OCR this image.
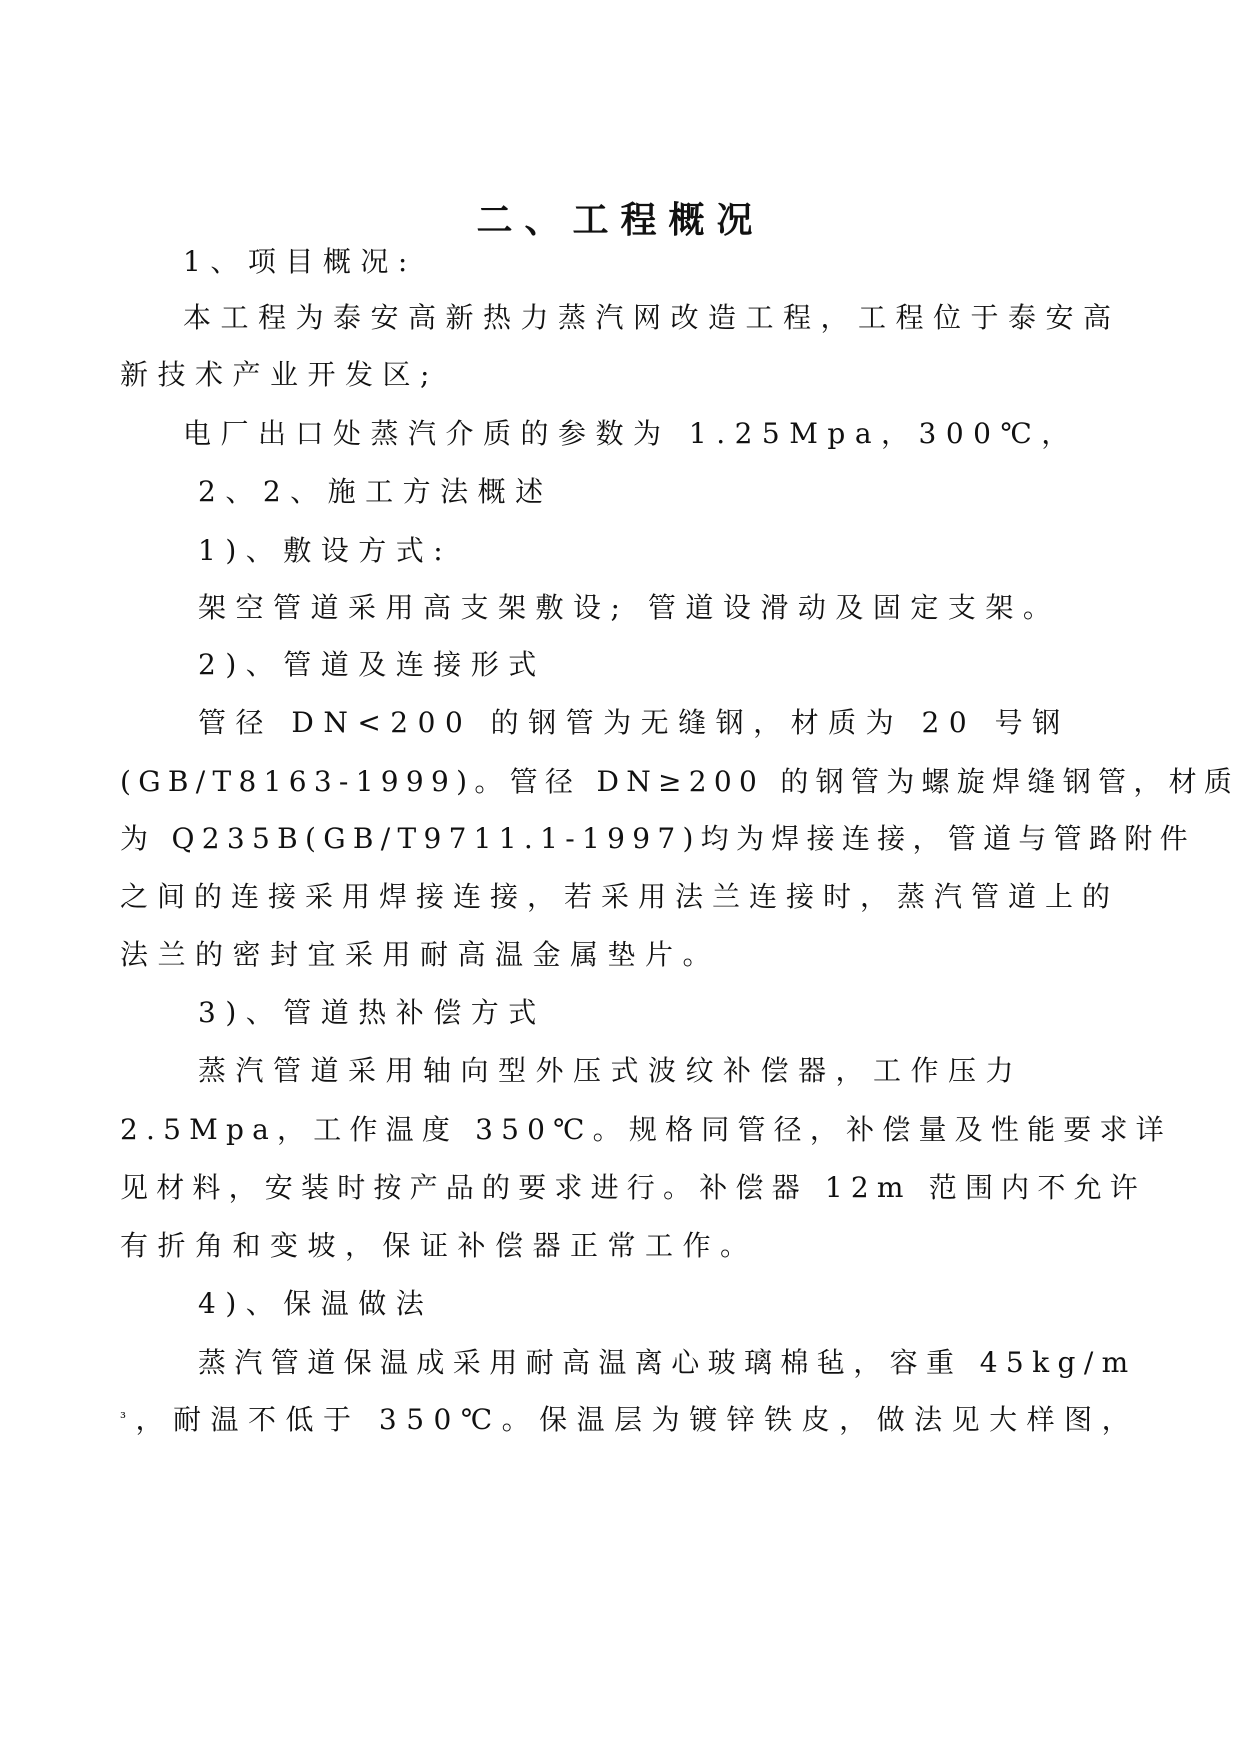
二、工程概况
1、项目概况:
本工程为泰安高新热力蒸汽网改造工程，工程位于泰安高
新技术产业开发区;
电厂出口处蒸汽介质的参数为 1.25Mpa，300℃，
2、2、施工方法概述
1)、敷设方式:
架空管道采用高支架敷设; 管道设滑动及固定支架。
2)、管道及连接形式
管径 DN<200 的钢管为无缝钢，材质为 20 号钢
(GB/T8163-1999)。管径 DN≥200 的钢管为螺旋焊缝钢管，材质
为 Q235B(GB/T9711.1-1997)均为焊接连接，管道与管路附件
之间的连接采用焊接连接，若采用法兰连接时，蒸汽管道上的
法兰的密封宜采用耐高温金属垫片。
3)、管道热补偿方式
蒸汽管道采用轴向型外压式波纹补偿器，工作压力
2.5Mpa，工作温度 350℃。规格同管径，补偿量及性能要求详
见材料，安装时按产品的要求进行。补偿器 12m 范围内不允许
有折角和变坡，保证补偿器正常工作。
4)、保温做法
蒸汽管道保温成采用耐高温离心玻璃棉毡，容重 45kg/m
$^{^3}$，耐温不低于 350℃。保温层为镀锌铁皮，做法见大样图，
